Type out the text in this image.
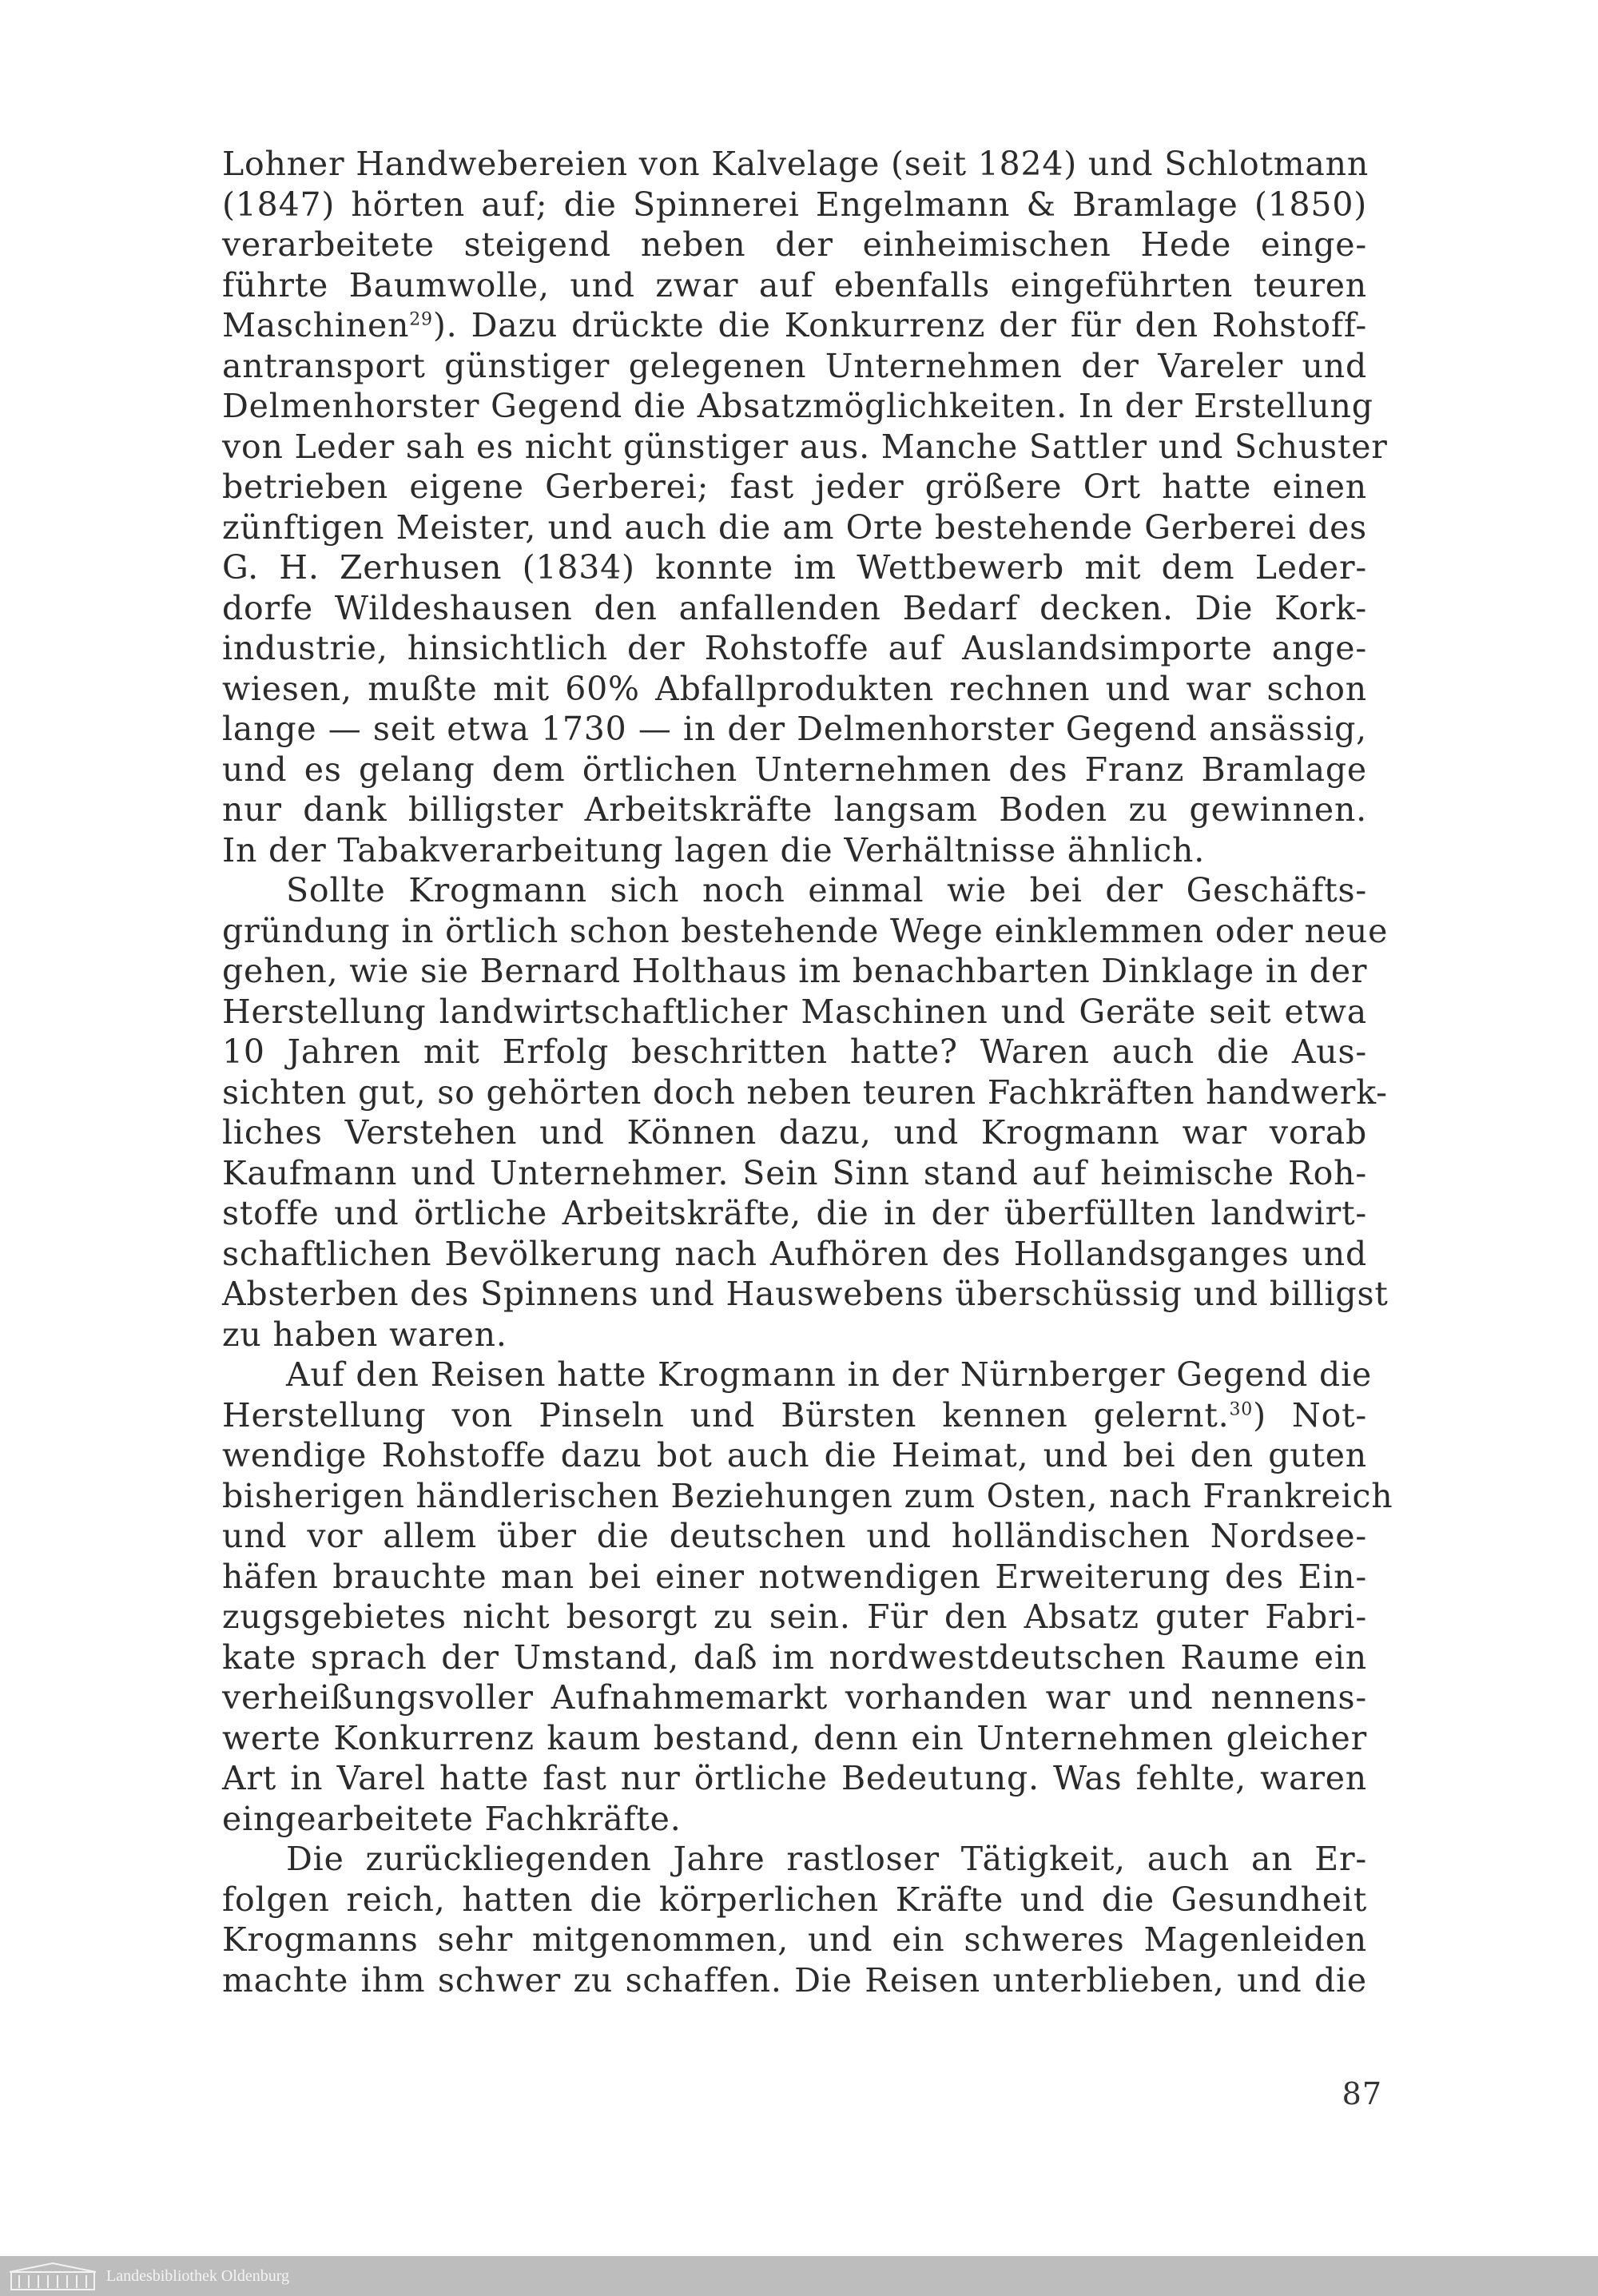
Lohner Handwebereien von Kalvelage (seit 1824) und Schlotmann
(1847) hörten auf; die Spinnerei Engelmann & Bramlage (1850)
verarbeitete steigend neben der einheimischen Hede einge-
führte Baumwolle, und zwar auf ebenfalls eingeführten teuren
Maschinen$^{29}$). Dazu drückte die Konkurrenz der für den Rohstoff-
antransport günstiger gelegenen Unternehmen der Vareler und
Delmenhorster Gegend die Absatzmöglichkeiten. In der Erstellung
von Leder sah es nicht günstiger aus. Manche Sattler und Schuster
betrieben eigene Gerberei; fast jeder größere Ort hatte einen
zünftigen Meister, und auch die am Orte bestehende Gerberei des
G. H. Zerhusen (1834) konnte im Wettbewerb mit dem Leder-
dorfe Wildeshausen den anfallenden Bedarf decken. Die Kork-
industrie, hinsichtlich der Rohstoffe auf Auslandsimporte ange-
wiesen, mußte mit 60% Abfallprodukten rechnen und war schon
lange — seit etwa 1730 — in der Delmenhorster Gegend ansässig,
und es gelang dem örtlichen Unternehmen des Franz Bramlage
nur dank billigster Arbeitskräfte langsam Boden zu gewinnen.
In der Tabakverarbeitung lagen die Verhältnisse ähnlich.

Sollte Krogmann sich noch einmal wie bei der Geschäfts-
gründung in örtlich schon bestehende Wege einklemmen oder neue
gehen, wie sie Bernard Holthaus im benachbarten Dinklage in der
Herstellung landwirtschaftlicher Maschinen und Geräte seit etwa
10 Jahren mit Erfolg beschritten hatte? Waren auch die Aus-
sichten gut, so gehörten doch neben teuren Fachkräften handwerk-
liches Verstehen und Können dazu, und Krogmann war vorab
Kaufmann und Unternehmer. Sein Sinn stand auf heimische Roh-
stoffe und örtliche Arbeitskräfte, die in der überfüllten landwirt-
schaftlichen Bevölkerung nach Aufhören des Hollandsganges und
Absterben des Spinnens und Hauswebens überschüssig und billigst
zu haben waren.

Auf den Reisen hatte Krogmann in der Nürnberger Gegend die
Herstellung von Pinseln und Bürsten kennen gelernt.$^{30}$) Not-
wendige Rohstoffe dazu bot auch die Heimat, und bei den guten
bisherigen händlerischen Beziehungen zum Osten, nach Frankreich
und vor allem über die deutschen und holländischen Nordsee-
häfen brauchte man bei einer notwendigen Erweiterung des Ein-
zugsgebietes nicht besorgt zu sein. Für den Absatz guter Fabri-
kate sprach der Umstand, daß im nordwestdeutschen Raume ein
verheißungsvoller Aufnahmemarkt vorhanden war und nennens-
werte Konkurrenz kaum bestand, denn ein Unternehmen gleicher
Art in Varel hatte fast nur örtliche Bedeutung. Was fehlte, waren
eingearbeitete Fachkräfte.

Die zurückliegenden Jahre rastloser Tätigkeit, auch an Er-
folgen reich, hatten die körperlichen Kräfte und die Gesundheit
Krogmanns sehr mitgenommen, und ein schweres Magenleiden
machte ihm schwer zu schaffen. Die Reisen unterblieben, und die

87
Landesbibliothek Oldenburg
